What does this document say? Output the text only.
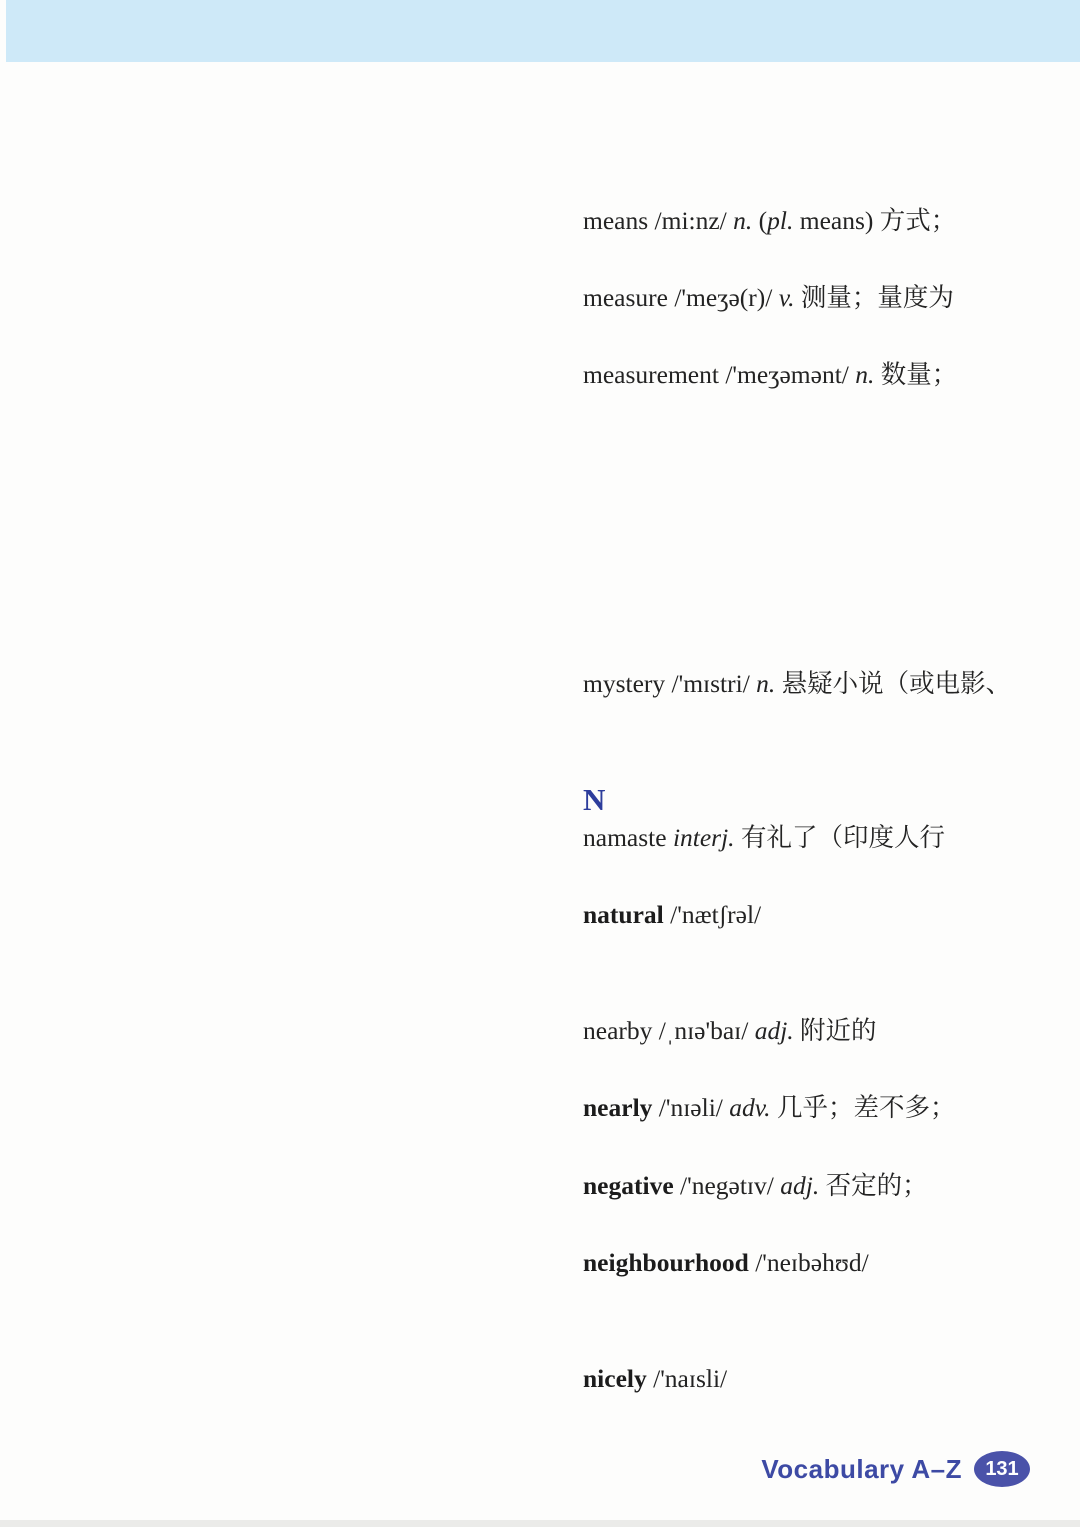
means /mi:nz/ n. (pl. means) 方式；
measure /'meʒə(r)/ v. 测量；量度为
measurement /'meʒəmənt/ n. 数量；
mystery /'mɪstri/ n. 悬疑小说（或电影、
N
namaste interj. 有礼了（印度人行
natural /'nætʃrəl/
nearby /ˌnɪə'baɪ/ adj. 附近的
nearly /'nɪəli/ adv. 几乎；差不多；
negative /'negətɪv/ adj. 否定的；
neighbourhood /'neɪbəhʊd/
nicely /'naɪsli/
Vocabulary A–Z	131
